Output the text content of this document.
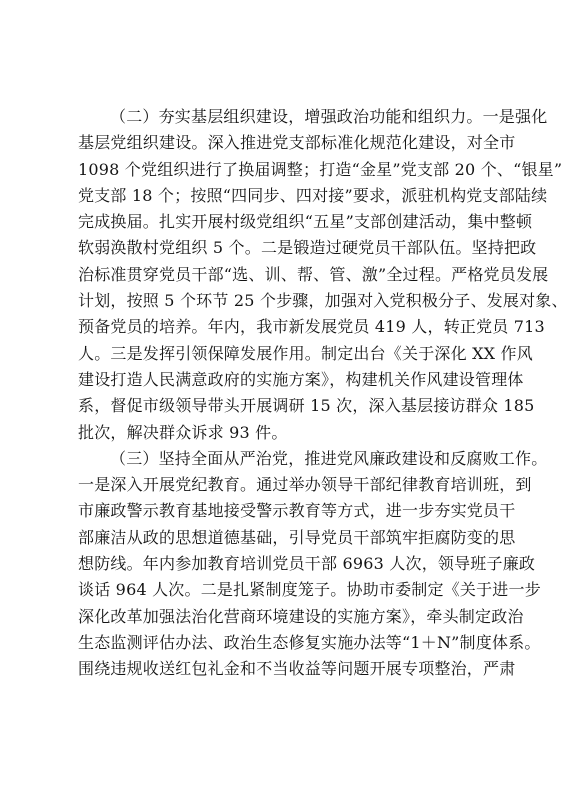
（二）夯实基层组织建设，增强政治功能和组织力。一是强化
基层党组织建设。深入推进党支部标准化规范化建设，对全市
1098 个党组织进行了换届调整；打造“金星”党支部 20 个、“银星”
党支部 18 个；按照“四同步、四对接”要求，派驻机构党支部陆续
完成换届。扎实开展村级党组织“五星”支部创建活动，集中整顿
软弱涣散村党组织 5 个。二是锻造过硬党员干部队伍。坚持把政
治标准贯穿党员干部“选、训、帮、管、激”全过程。严格党员发展
计划，按照 5 个环节 25 个步骤，加强对入党积极分子、发展对象、
预备党员的培养。年内，我市新发展党员 419 人，转正党员 713
人。三是发挥引领保障发展作用。制定出台《关于深化 XX 作风
建设打造人民满意政府的实施方案》，构建机关作风建设管理体
系，督促市级领导带头开展调研 15 次，深入基层接访群众 185
批次，解决群众诉求 93 件。
（三）坚持全面从严治党，推进党风廉政建设和反腐败工作。
一是深入开展党纪教育。通过举办领导干部纪律教育培训班，到
市廉政警示教育基地接受警示教育等方式，进一步夯实党员干
部廉洁从政的思想道德基础，引导党员干部筑牢拒腐防变的思
想防线。年内参加教育培训党员干部 6963 人次，领导班子廉政
谈话 964 人次。二是扎紧制度笼子。协助市委制定《关于进一步
深化改革加强法治化营商环境建设的实施方案》，牵头制定政治
生态监测评估办法、政治生态修复实施办法等“1＋N”制度体系。
围绕违规收送红包礼金和不当收益等问题开展专项整治，严肃
